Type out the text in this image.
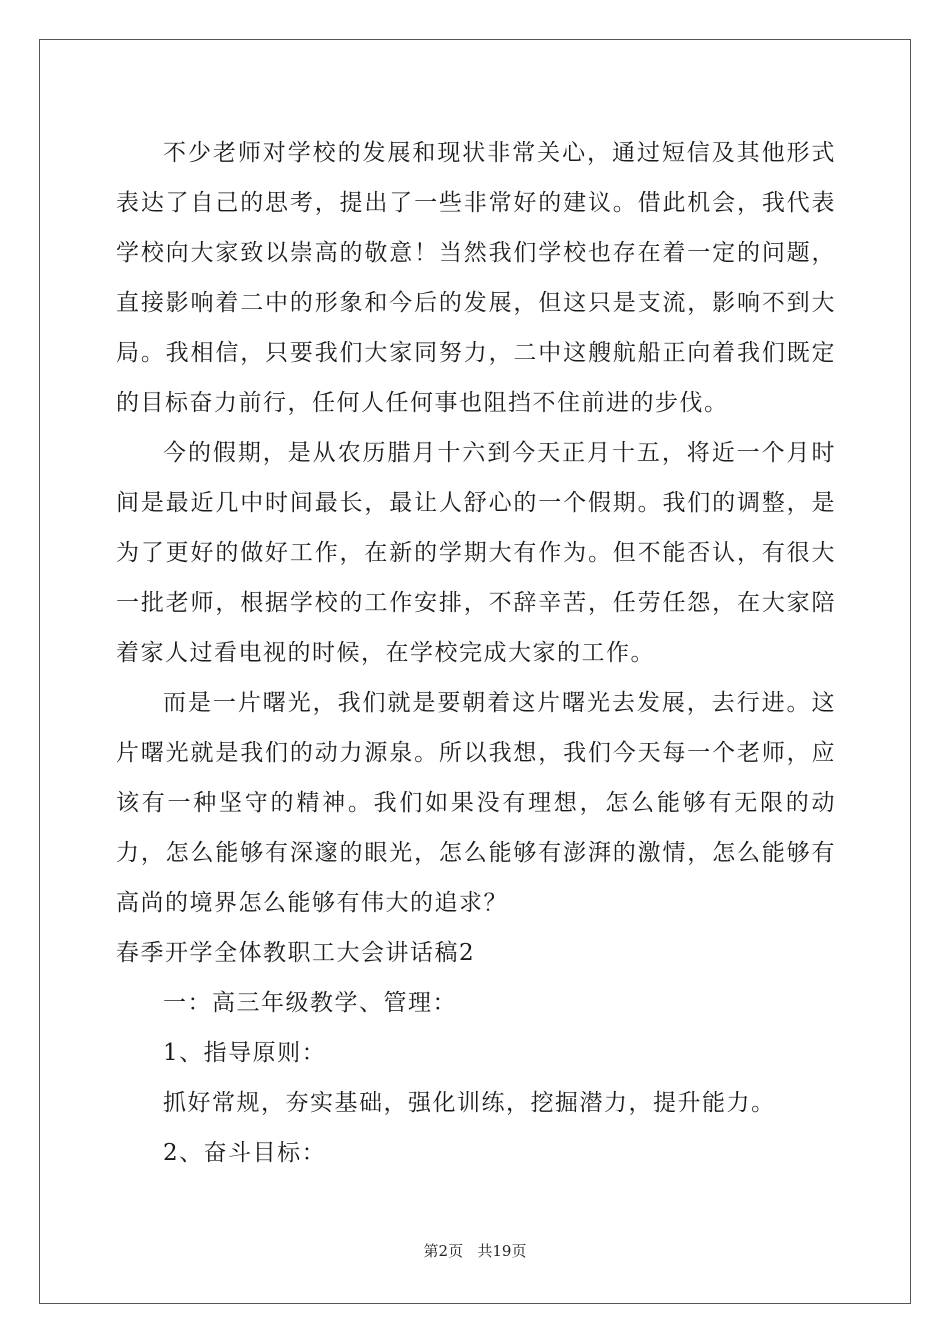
不少老师对学校的发展和现状非常关心，通过短信及其他形式表达了自己的思考，提出了一些非常好的建议。借此机会，我代表学校向大家致以崇高的敬意！当然我们学校也存在着一定的问题，直接影响着二中的形象和今后的发展，但这只是支流，影响不到大局。我相信，只要我们大家同努力，二中这艘航船正向着我们既定的目标奋力前行，任何人任何事也阻挡不住前进的步伐。

今的假期，是从农历腊月十六到今天正月十五，将近一个月时间是最近几中时间最长，最让人舒心的一个假期。我们的调整，是为了更好的做好工作，在新的学期大有作为。但不能否认，有很大一批老师，根据学校的工作安排，不辞辛苦，任劳任怨，在大家陪着家人过看电视的时候，在学校完成大家的工作。

而是一片曙光，我们就是要朝着这片曙光去发展，去行进。这片曙光就是我们的动力源泉。所以我想，我们今天每一个老师，应该有一种坚守的精神。我们如果没有理想，怎么能够有无限的动力，怎么能够有深邃的眼光，怎么能够有澎湃的激情，怎么能够有高尚的境界怎么能够有伟大的追求？

春季开学全体教职工大会讲话稿2

一：高三年级教学、管理：

1、指导原则：

抓好常规，夯实基础，强化训练，挖掘潜力，提升能力。

2、奋斗目标：

第2页   共19页
